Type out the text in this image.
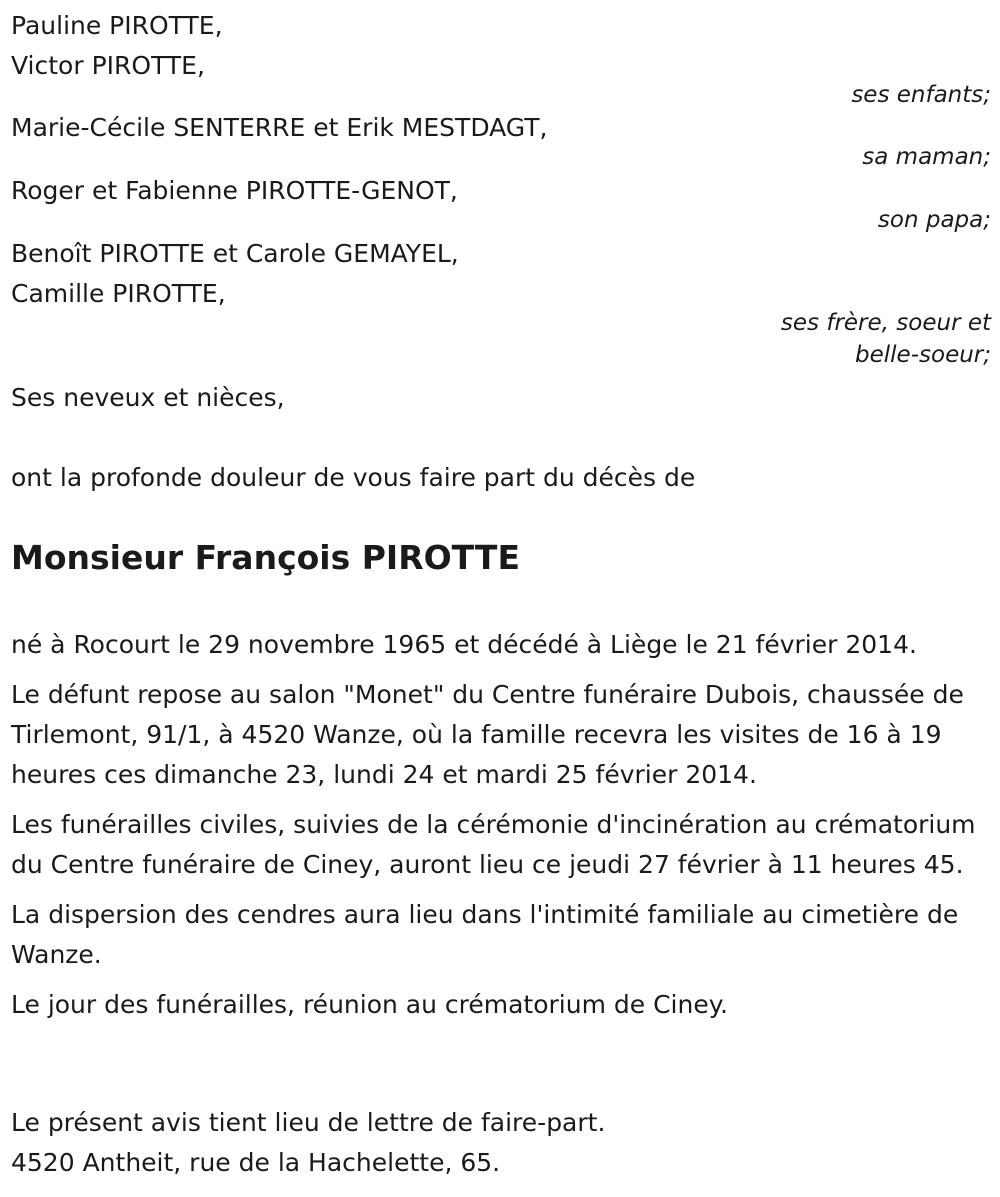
Pauline PIROTTE,
Victor PIROTTE,
ses enfants;
Marie-Cécile SENTERRE et Erik MESTDAGT,
sa maman;
Roger et Fabienne PIROTTE-GENOT,
son papa;
Benoît PIROTTE et Carole GEMAYEL,
Camille PIROTTE,
ses frère, soeur et
belle-soeur;
Ses neveux et nièces,
ont la profonde douleur de vous faire part du décès de
Monsieur François PIROTTE

né à Rocourt le 29 novembre 1965 et décédé à Liège le 21 février 2014.

Le défunt repose au salon "Monet" du Centre funéraire Dubois, chaussée de Tirlemont, 91/1, à 4520 Wanze, où la famille recevra les visites de 16 à 19 heures ces dimanche 23, lundi 24 et mardi 25 février 2014.

Les funérailles civiles, suivies de la cérémonie d'incinération au crématorium du Centre funéraire de Ciney, auront lieu ce jeudi 27 février à 11 heures 45.

La dispersion des cendres aura lieu dans l'intimité familiale au cimetière de Wanze.

Le jour des funérailles, réunion au crématorium de Ciney.

Le présent avis tient lieu de lettre de faire-part.
4520 Antheit, rue de la Hachelette, 65.
